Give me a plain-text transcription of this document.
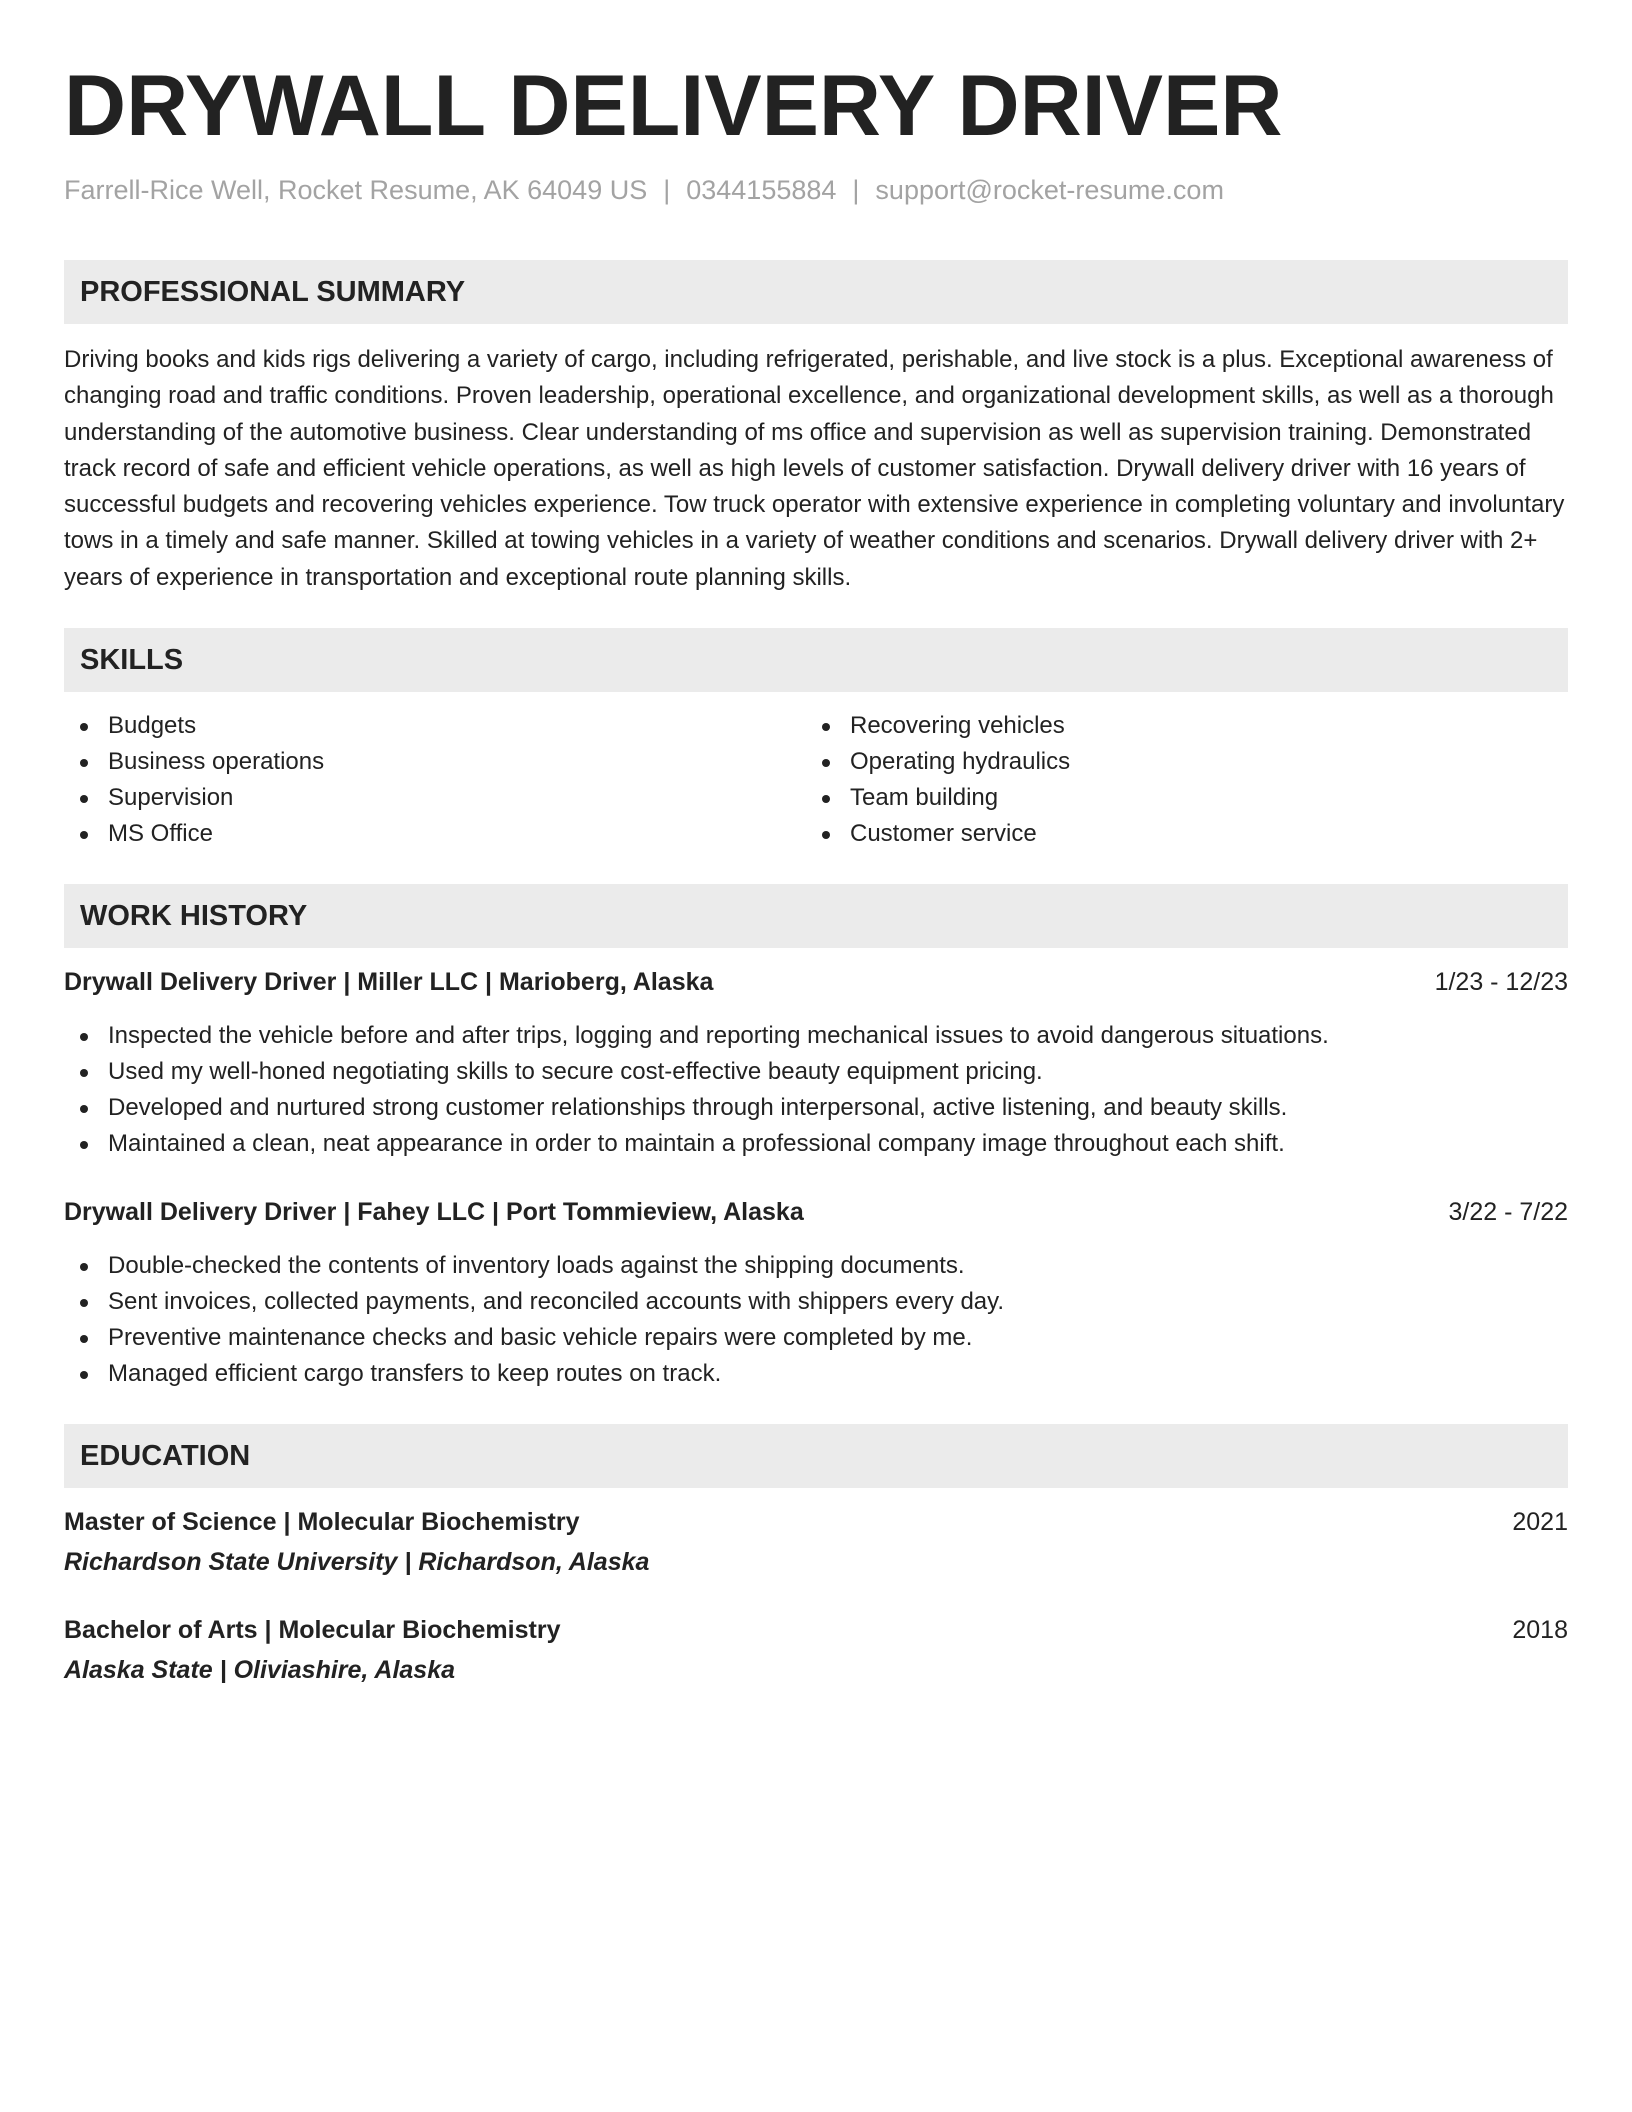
DRYWALL DELIVERY DRIVER
Farrell-Rice Well, Rocket Resume, AK 64049 US | 0344155884 | support@rocket-resume.com
PROFESSIONAL SUMMARY

Driving books and kids rigs delivering a variety of cargo, including refrigerated, perishable, and live stock is a plus. Exceptional awareness of changing road and traffic conditions. Proven leadership, operational excellence, and organizational development skills, as well as a thorough understanding of the automotive business. Clear understanding of ms office and supervision as well as supervision training. Demonstrated track record of safe and efficient vehicle operations, as well as high levels of customer satisfaction. Drywall delivery driver with 16 years of successful budgets and recovering vehicles experience. Tow truck operator with extensive experience in completing voluntary and involuntary tows in a timely and safe manner. Skilled at towing vehicles in a variety of weather conditions and scenarios. Drywall delivery driver with 2+ years of experience in transportation and exceptional route planning skills.

SKILLS
Budgets
Business operations
Supervision
MS Office
Recovering vehicles
Operating hydraulics
Team building
Customer service
WORK HISTORY
Drywall Delivery Driver | Miller LLC | Marioberg, Alaska	1/23 - 12/23
Inspected the vehicle before and after trips, logging and reporting mechanical issues to avoid dangerous situations.
Used my well-honed negotiating skills to secure cost-effective beauty equipment pricing.
Developed and nurtured strong customer relationships through interpersonal, active listening, and beauty skills.
Maintained a clean, neat appearance in order to maintain a professional company image throughout each shift.
Drywall Delivery Driver | Fahey LLC | Port Tommieview, Alaska	3/22 - 7/22
Double-checked the contents of inventory loads against the shipping documents.
Sent invoices, collected payments, and reconciled accounts with shippers every day.
Preventive maintenance checks and basic vehicle repairs were completed by me.
Managed efficient cargo transfers to keep routes on track.
EDUCATION
Master of Science | Molecular Biochemistry	2021
Richardson State University | Richardson, Alaska
Bachelor of Arts | Molecular Biochemistry	2018
Alaska State | Oliviashire, Alaska
